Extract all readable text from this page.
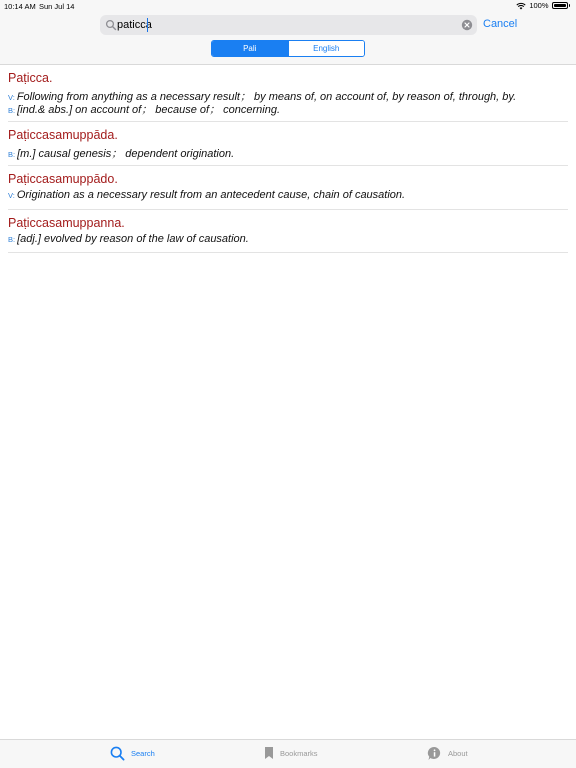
10:14 AM Sun Jul 14	100%
paticca
Cancel
Pali	English
Paṭicca.
V: Following from anything as a necessary result； by means of, on account of, by reason of, through, by.
B: [ind.& abs.] on account of； because of； concerning.
Paṭiccasamuppāda.
B: [m.] causal genesis； dependent origination.
Paṭiccasamuppādo.
V: Origination as a necessary result from an antecedent cause, chain of causation.
Paṭiccasamuppanna.
B: [adj.] evolved by reason of the law of causation.
Search	Bookmarks	About
